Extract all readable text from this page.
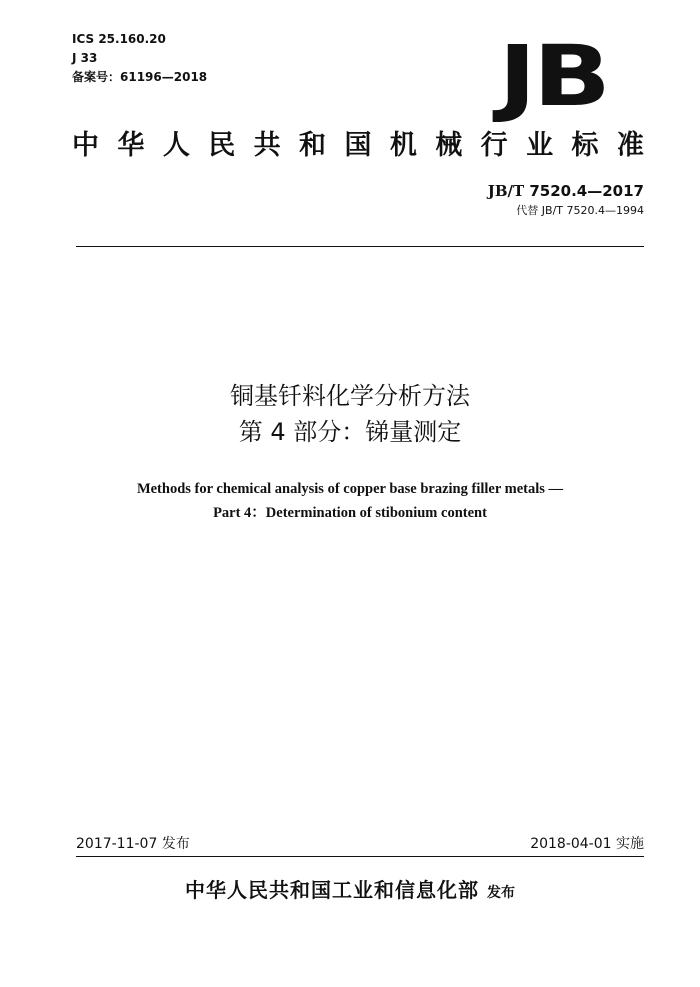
ICS 25.160.20
J 33
备案号：61196—2018	JB
中 华 人 民 共 和 国 机 械 行 业 标 准
JB/T 7520.4—2017
代替 JB/T 7520.4—1994
铜基钎料化学分析方法
第 4 部分：锑量测定
Methods for chemical analysis of copper base brazing filler metals —
Part 4：Determination of stibonium content
2017-11-07 发布	2018-04-01 实施
中华人民共和国工业和信息化部 发布
